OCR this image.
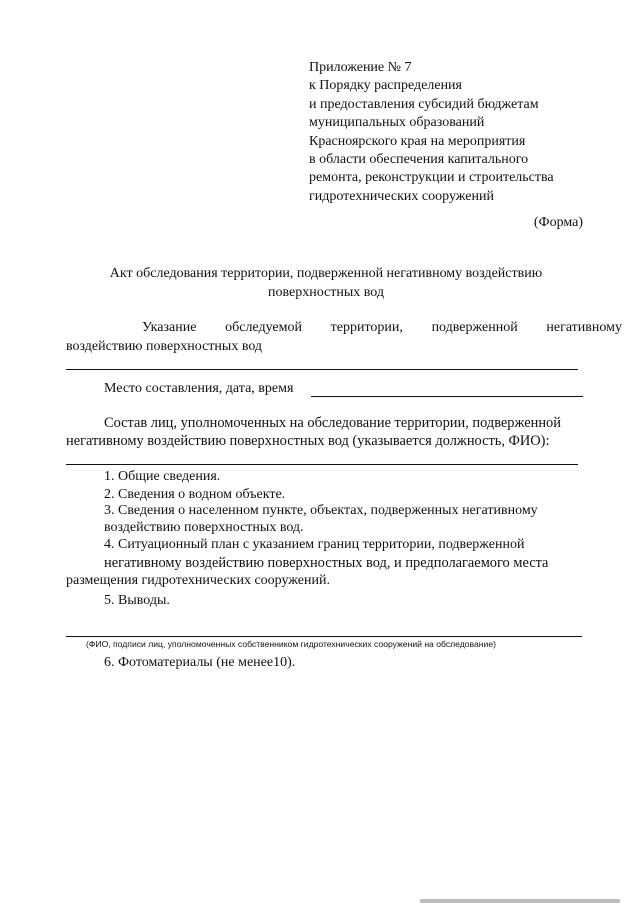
Приложение № 7
к Порядку распределения
и предоставления субсидий бюджетам
муниципальных образований
Красноярского края на мероприятия
в области обеспечения капитального
ремонта, реконструкции и строительства
гидротехнических сооружений
(Форма)
Акт обследования территории, подверженной негативному воздействию
поверхностных вод
Указание обследуемой территории, подверженной негативному
воздействию поверхностных вод
Место составления, дата, время
Состав лиц, уполномоченных на обследование территории, подверженной
негативному воздействию поверхностных вод (указывается должность, ФИО):
1. Общие сведения.
2. Сведения о водном объекте.
3. Сведения о населенном пункте, объектах, подверженных негативному
воздействию поверхностных вод.
4. Ситуационный план с указанием границ территории, подверженной
негативному воздействию поверхностных вод, и предполагаемого места
размещения гидротехнических сооружений.
5. Выводы.
(ФИО, подписи лиц, уполномоченных собственником гидротехнических сооружений на обследование)
6. Фотоматериалы (не менее10).
